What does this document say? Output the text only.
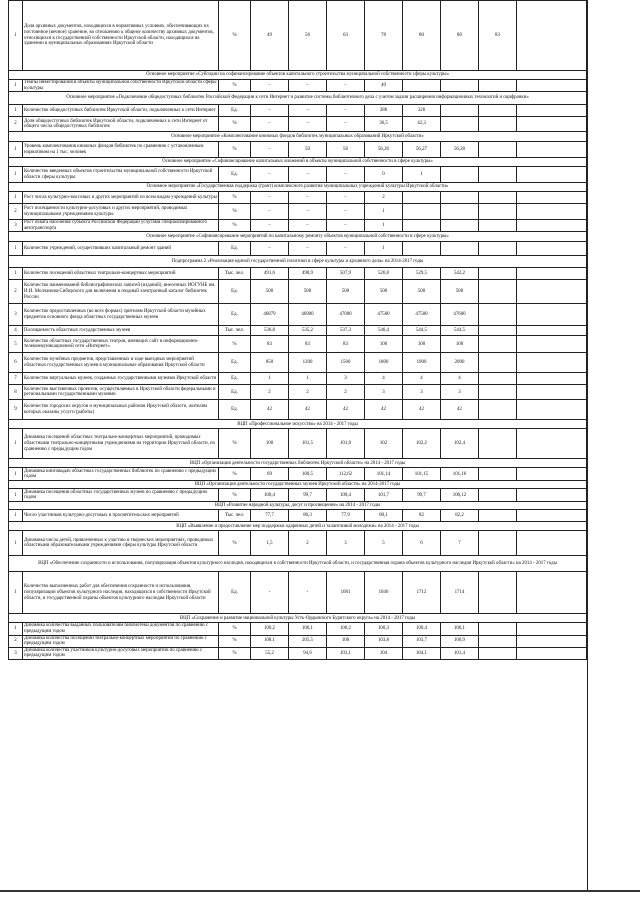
1	Доля архивных документов, находящихся в нормативных условиях, обеспечивающих их постоянное (вечное) хранение, во отношению к общему количеству архивных документов, относящихся к государственной собственности Иркутской области, находящихся на хранении в муниципальных образованиях Иркутской области	%	49	56	63	78	80	80	83	
Основное мероприятие «Субсидии на софинансирование объектов капитального строительства муниципальной собственности сферы культуры»										
1	Темпы инвестирования в объекты муниципальной собственности Иркутской области сферы культуры	%	–	–	–	40				
Основное мероприятие «Подключение общедоступных библиотек Российской Федерации к сети Интернет и развитие системы библиотечного дела с учетом задачи расширения информационных технологий и оцифровки»										
1	Количество общедоступных библиотек Иркутской области, подключенных к сети Интернет	Ед.	–	–	–	288	326			
2	Доля общедоступных библиотек Иркутской области, подключенных к сети Интернет от общего числа общедоступных библиотек	%	–	–	–	36,5	42,3			
Основное мероприятие «Комплектование книжных фондов библиотек муниципальных образований Иркутской области»										
1	Уровень комплектования книжных фондов библиотек по сравнению с установленным нормативом на 1 тыс. человек	%	–	50	56	56,26	56,27	56,28		
Основное мероприятие «Софинансирование капитальных вложений в объекты муниципальной собственности в сфере культуры»										
1	Количество введенных объектов строительства муниципальной собственности Иркутской области сферы культуры	Ед.	–	–	–	0	1			
Основное мероприятие «Государственная поддержка (грант) комплексного развития муниципальных учреждений культуры Иркутской области»										
1	Рост числа культурно-массовых и других мероприятий по всем видам учреждений культуры	%	–	–	–	2				
2	Рост посещаемости культурно-досуговых и других мероприятий, проводимых муниципальными учреждениями культуры	%	–	–	–	1				
3	Рост охвата населения субъекта Российской Федерации услугами специализированного автотранспорта	%	–	–	–	1				
Основное мероприятие «Софинансирование мероприятий по капитальному ремонту объектов муниципальной собственности в сфере культуры»										
1	Количество учреждений, осуществивших капитальный ремонт зданий	Ед.	–	–	–	1				
Подпрограмма 2 «Реализация единой государственной политики в сфере культуры и архивного дела» на 2014-2017 годы										
1	Количество посещений областных театрально-концертных мероприятий	Тыс. чел.	491,6	498,9	507,9	526,8	529,5	542,2		
2	Количество наименований библиографических записей (изданий), внесенных ИОГУНБ им. И.И. Молчанова-Сибирского для включения в сводный электронный каталог библиотек России	Ед.	500	500	500	500	500	500		
3	Количество предоставленных (во всех формах) зрителям Иркутской области музейных предметов основного фонда областных государственных музеев	Ед.	46879	46900	47000	47500	47500	47600		
4	Посещаемость областных государственных музеев	Тыс. чел.	536,8	535,2	537,3	546,4	544,5	544,5		
5	Количество областных государственных театров, имеющих сайт в информационно-телекоммуникационной сети «Интернет»	%	83	83	83	100	100	100		
6	Количество музейных предметов, представленных в ходе выездных мероприятий областных государственных музеев в муниципальные образования Иркутской области	Ед.	850	1200	1500	1800	1900	2000		
7	Количество виртуальных музеев, созданных государственными музеями Иркутской области	Ед.	1	1	3	4	4	4		
8	Количество выставочных проектов, осуществляемых в Иркутской области федеральными и региональными государственными музеями	Ед.	2	2	2	3	3	3		
9	Количество городских округов и муниципальных районов Иркутской области, жителям которых оказаны услуги (работы)	Ед.	42	42	42	42	42	42		
ВЦП «Профессиональное искусство» на 2014 - 2017 годы										
1	Динамика посещений областных театрально-концертных мероприятий, проводимых областными театрально-концертными учреждениями на территории Иркутской области, по сравнению с предыдущим годом	%	100	101,5	101,8	102	102,2	102,4		
ВЦП «Организация деятельности государственных библиотек Иркутской области» на 2014 - 2017 годы										
1	Динамика книговыдач областных государственных библиотек по сравнению с предыдущим годом	%	69	100,5	112,62	101,14	101,15	101,16		
ВЦП «Организация деятельности государственных музеев Иркутской области» на 2014-2017 годы										
1	Динамика посещения областных государственных музеев по сравнению с предыдущим годом	%	100,4	99,7	100,4	101,7	99,7	100,12		
ВЦП «Развитие народной культуры, досуг и просвещение» на 2014 - 2017 годы										
1	Число участников культурно-досуговых и просветительских мероприятий	Тыс. чел.	77,7	80,3	77,9	80,1	82	82,2		
ВЦП «Выявление и предоставление мер поддержки одаренных детей и талантливой молодежи» на 2014 - 2017 годы										
1	Динамика числа детей, привлеченных к участию в творческих мероприятиях, проводимых областными образовательными учреждениями сферы культуры Иркутской области	%	1,5	2	3	5	6	7		
ВЦП «Обеспечение сохранности и использования, популяризация объектов культурного наследия, находящихся в собственности Иркутской области, и государственная охрана объектов культурного наследия Иркутской области» на 2014 - 2017 годы										
1	Количество выполненных работ для обеспечения сохранности и использования, популяризации объектов культурного наследия, находящихся в собственности Иркутской области, и государственной охраны объектов культурного наследия Иркутской области	Ед.	-	-	1681	1046	1712	1714		
ВЦП «Сохранение и развитие национальной культуры Усть-Ордынского Бурятского округа» на 2014 - 2017 годы										
1	Динамика количества выданных пользователям библиотеки документов по сравнению с предыдущим годом	%	100,2	100,1	100,2	100,3	100,4	100,1		
2	Динамика количества посещений театрально-концертных мероприятий по сравнению с предыдущим годом	%	108,1	205,5	100	103,8	103,7	100,9		
3	Динамика количества участников культурно-досуговых мероприятий по сравнению с предыдущим годом	%	55,2	94,6	103,1	104	104,1	101,4		
